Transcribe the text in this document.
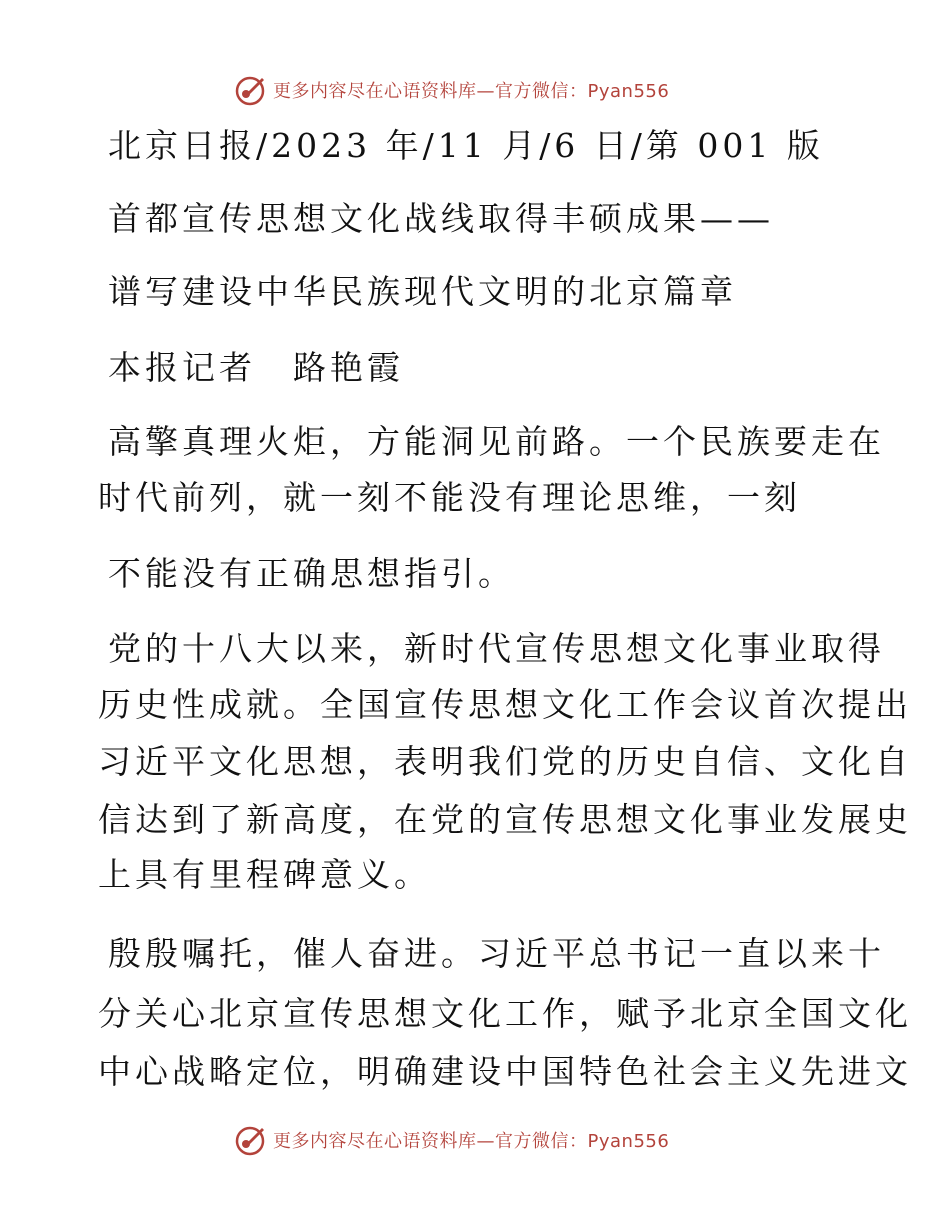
更多内容尽在心语资料库—官方微信：Pyan556
北京日报/2023 年/11 月/6 日/第 001 版
首都宣传思想文化战线取得丰硕成果——
谱写建设中华民族现代文明的北京篇章
本报记者　路艳霞
高擎真理火炬，方能洞见前路。一个民族要走在
时代前列，就一刻不能没有理论思维，一刻
不能没有正确思想指引。
党的十八大以来，新时代宣传思想文化事业取得
历史性成就。全国宣传思想文化工作会议首次提出
习近平文化思想，表明我们党的历史自信、文化自
信达到了新高度，在党的宣传思想文化事业发展史
上具有里程碑意义。
殷殷嘱托，催人奋进。习近平总书记一直以来十
分关心北京宣传思想文化工作，赋予北京全国文化
中心战略定位，明确建设中国特色社会主义先进文
更多内容尽在心语资料库—官方微信：Pyan556
